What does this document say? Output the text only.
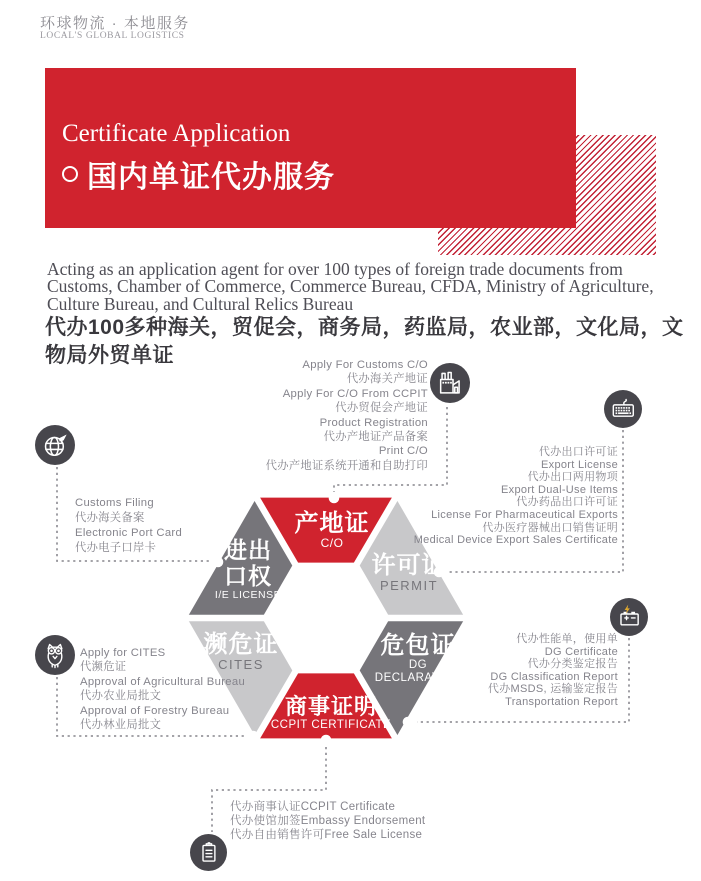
环球物流 · 本地服务
LOCAL'S GLOBAL LOGISTICS
Certificate Application
国内单证代办服务

Acting as an application agent for over 100 types of foreign trade documents from Customs, Chamber of Commerce, Commerce Bureau, CFDA, Ministry of Agriculture, Culture Bureau, and Cultural Relics Bureau

代办100多种海关，贸促会，商务局，药监局，农业部，文化局，文物局外贸单证

产地证
C/O
许可证
PERMIT
进出
口权
I/E LICENSE
濒危证
CITES
危包证
DG
DECLARATION
商事证明
CCPIT CERTIFICATE
Apply For Customs C/O
代办海关产地证
Apply For C/O From CCPIT
代办贸促会产地证
Product Registration
代办产地证产品备案
Print C/O
代办产地证系统开通和自助打印
代办出口许可证
Export License
代办出口两用物项
Export Dual-Use Items
代办药品出口许可证
License For Pharmaceutical Exports
代办医疗器械出口销售证明
Medical Device Export Sales Certificate
Customs Filing
代办海关备案
Electronic Port Card
代办电子口岸卡
Apply for CITES
代濒危证
Approval of Agricultural Bureau
代办农业局批文
Approval of Forestry Bureau
代办林业局批文
代办性能单，使用单
DG Certificate
代办分类鉴定报告
DG Classification Report
代办MSDS, 运输鉴定报告
Transportation Report
代办商事认证CCPIT Certificate
代办使馆加签Embassy Endorsement
代办自由销售许可Free Sale License
